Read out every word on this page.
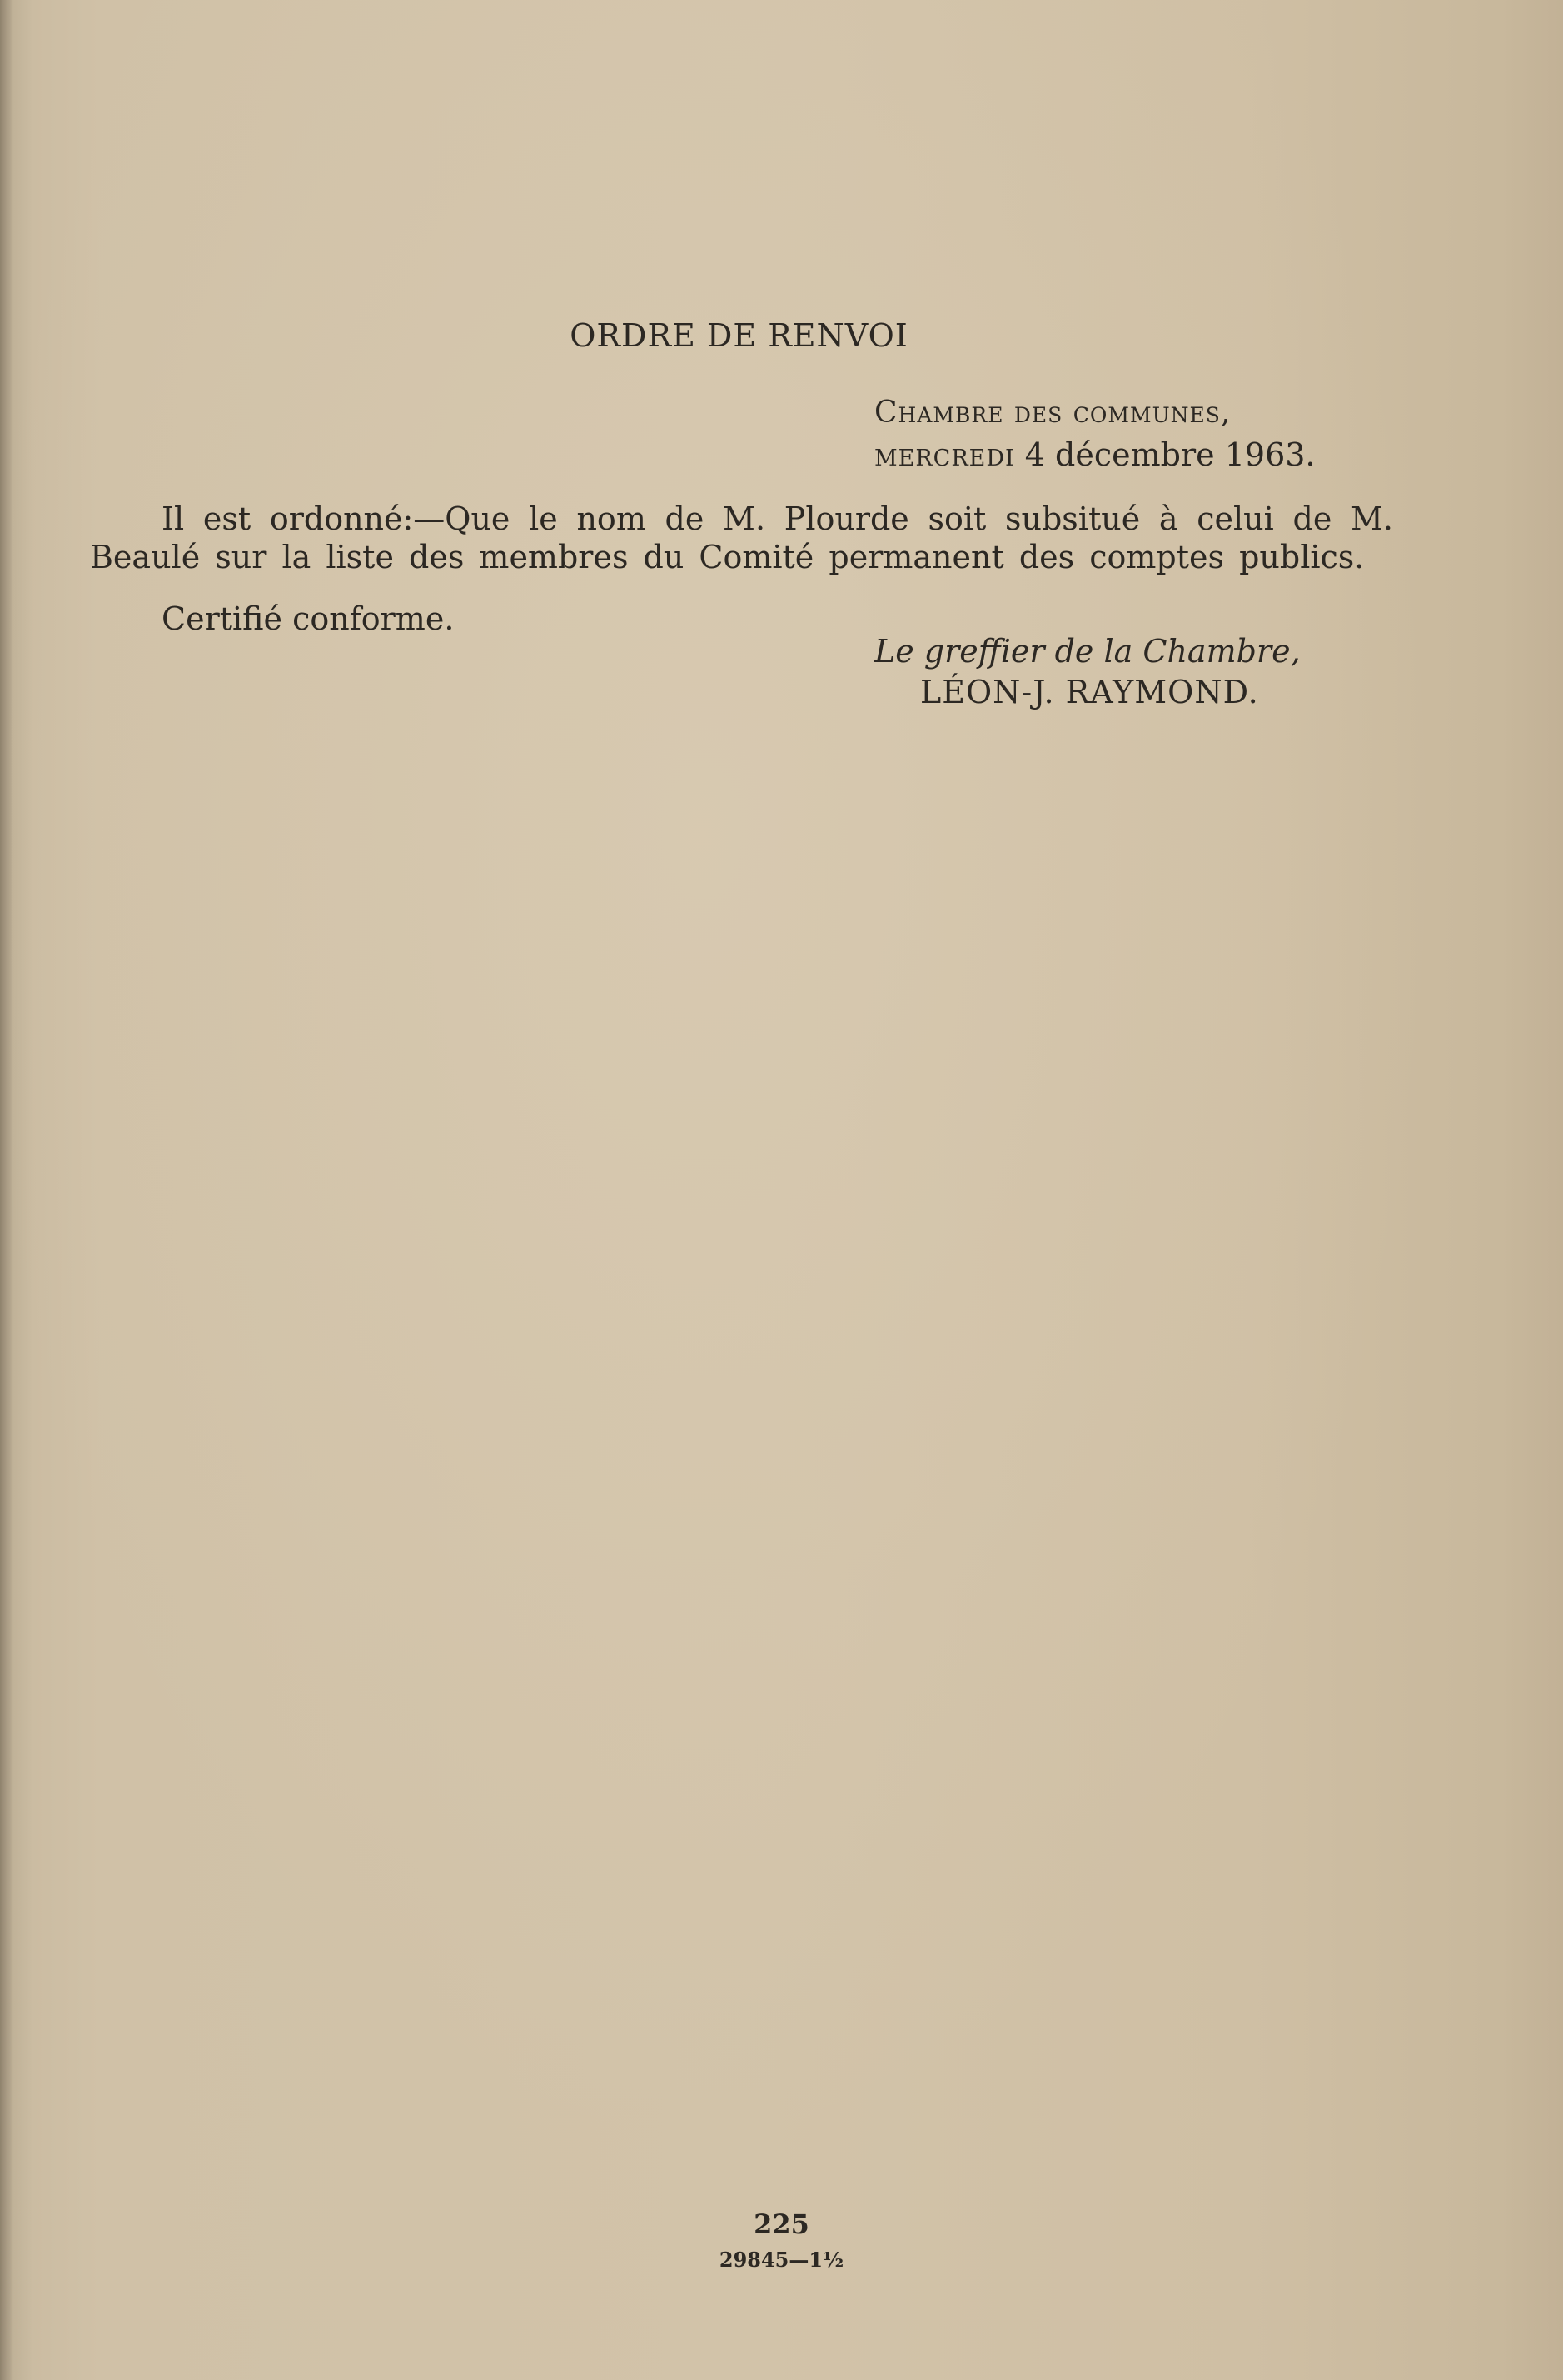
ORDRE DE RENVOI
Chambre des communes,
mercredi 4 décembre 1963.
Il est ordonné:—Que le nom de M. Plourde soit subsitué à celui de M. Beaulé sur la liste des membres du Comité permanent des comptes publics.
Certifié conforme.
Le greffier de la Chambre,
LÉON-J. RAYMOND.
225
29845—1½
